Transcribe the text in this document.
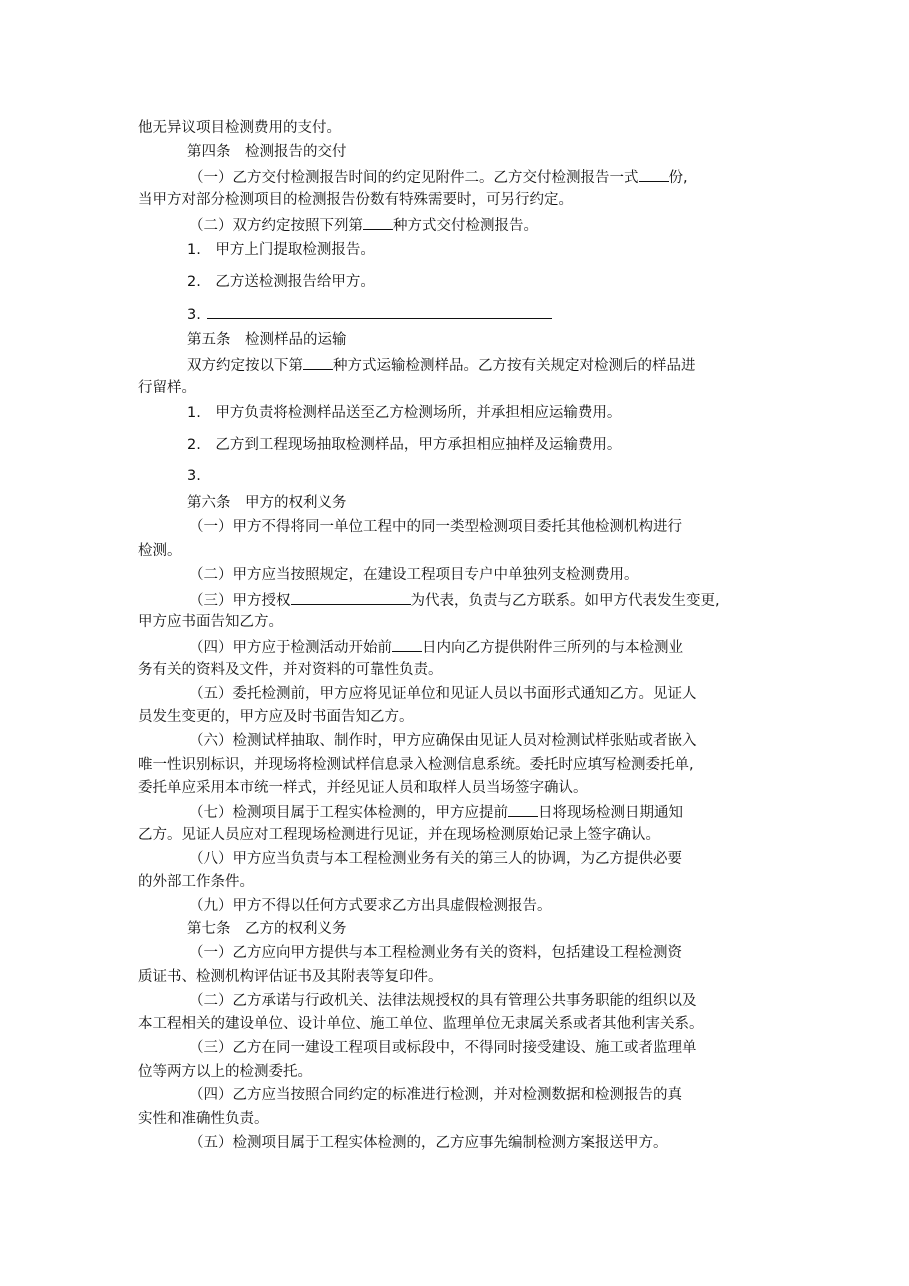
他无异议项目检测费用的支付。
第四条　检测报告的交付
（一）乙方交付检测报告时间的约定见附件二。乙方交付检测报告一式 份,
当甲方对部分检测项目的检测报告份数有特殊需要时，可另行约定。
（二）双方约定按照下列第 种方式交付检测报告。
1.　甲方上门提取检测报告。
2.　乙方送检测报告给甲方。
3.
第五条　检测样品的运输
双方约定按以下第 种方式运输检测样品。乙方按有关规定对检测后的样品进
行留样。
1.　甲方负责将检测样品送至乙方检测场所，并承担相应运输费用。
2.　乙方到工程现场抽取检测样品，甲方承担相应抽样及运输费用。
3.
第六条　甲方的权利义务
（一）甲方不得将同一单位工程中的同一类型检测项目委托其他检测机构进行
检测。
（二）甲方应当按照规定，在建设工程项目专户中单独列支检测费用。
（三）甲方授权	为代表，负责与乙方联系。如甲方代表发生变更,
甲方应书面告知乙方。
（四）甲方应于检测活动开始前 日内向乙方提供附件三所列的与本检测业
务有关的资料及文件，并对资料的可靠性负责。
（五）委托检测前，甲方应将见证单位和见证人员以书面形式通知乙方。见证人
员发生变更的，甲方应及时书面告知乙方。
（六）检测试样抽取、制作时，甲方应确保由见证人员对检测试样张贴或者嵌入
唯一性识别标识，并现场将检测试样信息录入检测信息系统。委托时应填写检测委托单,
委托单应采用本市统一样式，并经见证人员和取样人员当场签字确认。
（七）检测项目属于工程实体检测的，甲方应提前 日将现场检测日期通知
乙方。见证人员应对工程现场检测进行见证，并在现场检测原始记录上签字确认。
（八）甲方应当负责与本工程检测业务有关的第三人的协调，为乙方提供必要
的外部工作条件。
（九）甲方不得以任何方式要求乙方出具虚假检测报告。
第七条　乙方的权利义务
（一）乙方应向甲方提供与本工程检测业务有关的资料，包括建设工程检测资
质证书、检测机构评估证书及其附表等复印件。
（二）乙方承诺与行政机关、法律法规授权的具有管理公共事务职能的组织以及
本工程相关的建设单位、设计单位、施工单位、监理单位无隶属关系或者其他利害关系。
（三）乙方在同一建设工程项目或标段中，不得同时接受建设、施工或者监理单
位等两方以上的检测委托。
（四）乙方应当按照合同约定的标准进行检测，并对检测数据和检测报告的真
实性和准确性负责。
（五）检测项目属于工程实体检测的，乙方应事先编制检测方案报送甲方。
